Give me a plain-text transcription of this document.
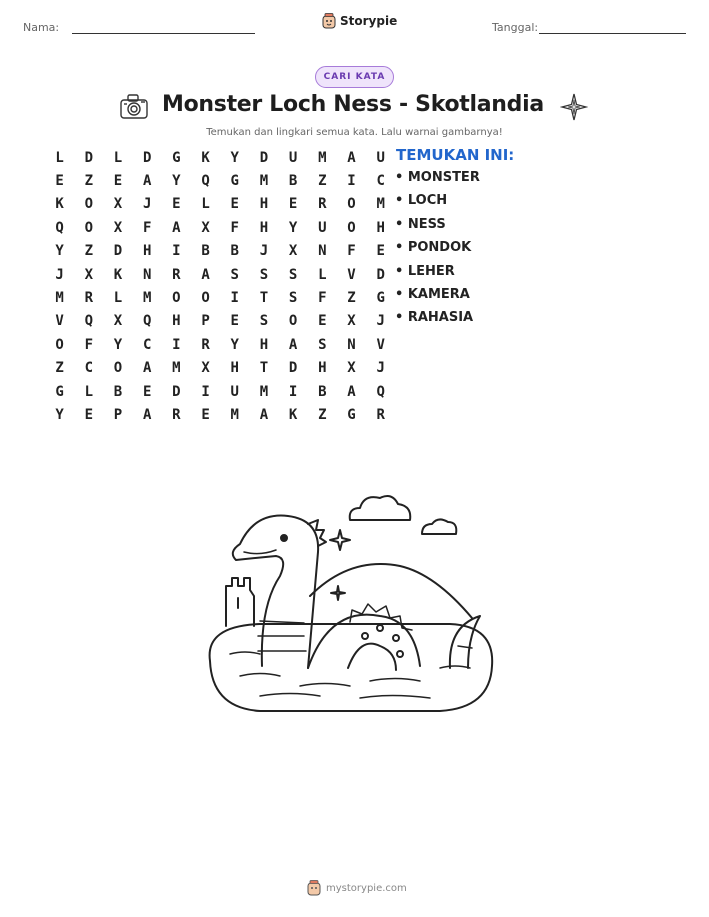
Nama:	Tanggal:
Storypie
CARI KATA
Monster Loch Ness - Skotlandia
Temukan dan lingkari semua kata. Lalu warnai gambarnya!
L	D	L	D	G	K	Y	D	U	M	A	U
E	Z	E	A	Y	Q	G	M	B	Z	I	C
K	O	X	J	E	L	E	H	E	R	O	M
Q	O	X	F	A	X	F	H	Y	U	O	H
Y	Z	D	H	I	B	B	J	X	N	F	E
J	X	K	N	R	A	S	S	S	L	V	D
M	R	L	M	O	O	I	T	S	F	Z	G
V	Q	X	Q	H	P	E	S	O	E	X	J
O	F	Y	C	I	R	Y	H	A	S	N	V
Z	C	O	A	M	X	H	T	D	H	X	J
G	L	B	E	D	I	U	M	I	B	A	Q
Y	E	P	A	R	E	M	A	K	Z	G	R
TEMUKAN INI:
• MONSTER
• LOCH
• NESS
• PONDOK
• LEHER
• KAMERA
• RAHASIA
mystorypie.com
